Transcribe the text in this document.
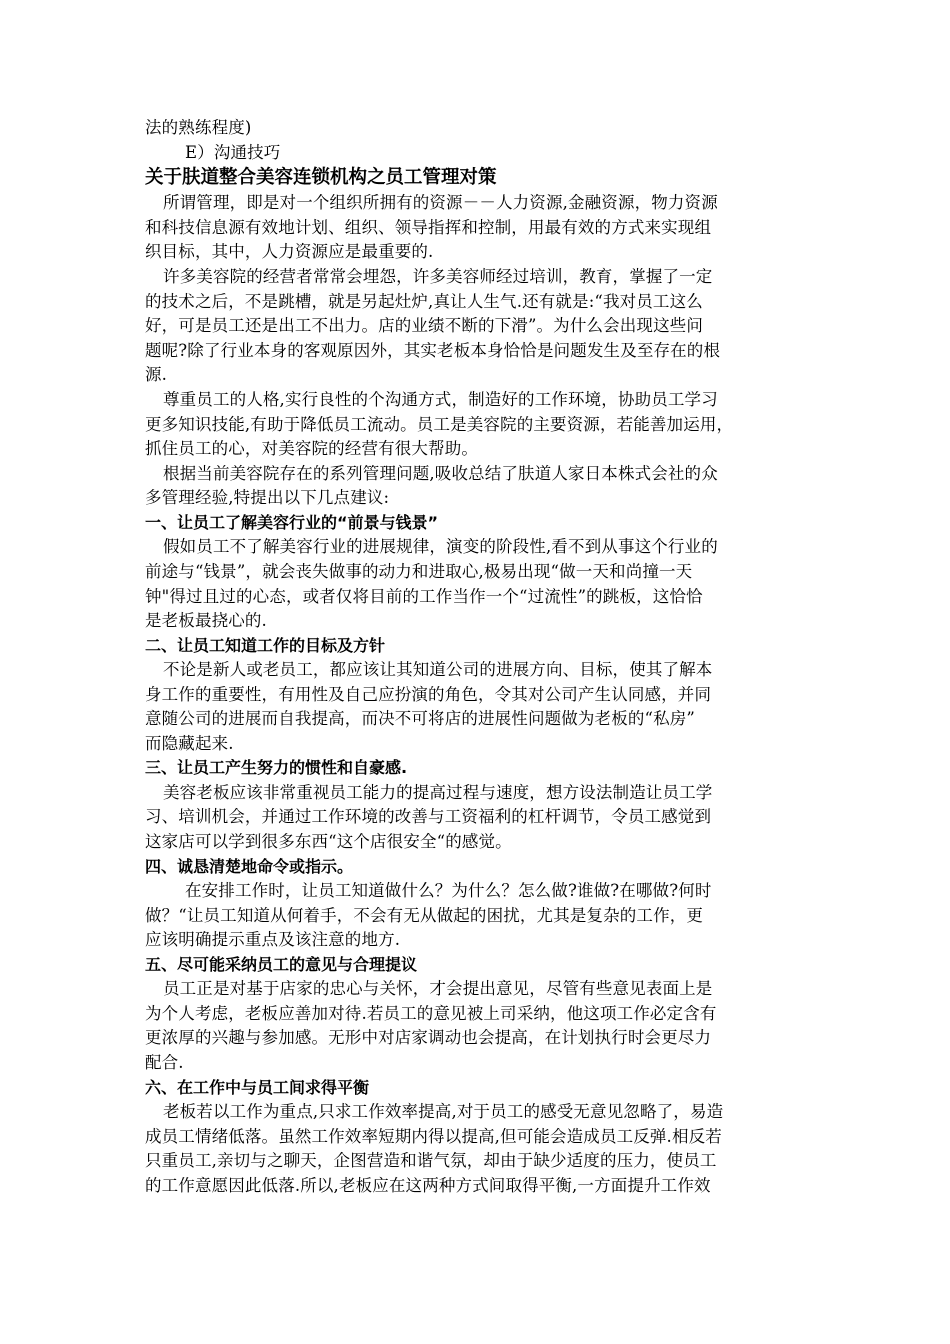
法的熟练程度)
E）沟通技巧
关于肤道整合美容连锁机构之员工管理对策
所谓管理，即是对一个组织所拥有的资源－－人力资源,金融资源，物力资源
和科技信息源有效地计划、组织、领导指挥和控制，用最有效的方式来实现组
织目标，其中，人力资源应是最重要的.
许多美容院的经营者常常会埋怨，许多美容师经过培训，教育，掌握了一定
的技术之后，不是跳槽，就是另起灶炉,真让人生气.还有就是:“我对员工这么
好，可是员工还是出工不出力。店的业绩不断的下滑”。为什么会出现这些问
题呢?除了行业本身的客观原因外，其实老板本身恰恰是问题发生及至存在的根
源.
尊重员工的人格,实行良性的个沟通方式，制造好的工作环境，协助员工学习
更多知识技能,有助于降低员工流动。员工是美容院的主要资源，若能善加运用，
抓住员工的心，对美容院的经营有很大帮助。
根据当前美容院存在的系列管理问题,吸收总结了肤道人家日本株式会社的众
多管理经验,特提出以下几点建议:
一、让员工了解美容行业的“前景与钱景”
假如员工不了解美容行业的进展规律，演变的阶段性,看不到从事这个行业的
前途与“钱景”，就会丧失做事的动力和进取心,极易出现“做一天和尚撞一天
钟"得过且过的心态，或者仅将目前的工作当作一个“过流性”的跳板，这恰恰
是老板最挠心的.
二、让员工知道工作的目标及方针
不论是新人或老员工，都应该让其知道公司的进展方向、目标，使其了解本
身工作的重要性，有用性及自己应扮演的角色，令其对公司产生认同感，并同
意随公司的进展而自我提高，而决不可将店的进展性问题做为老板的“私房”
而隐藏起来.
三、让员工产生努力的惯性和自豪感.
美容老板应该非常重视员工能力的提高过程与速度，想方设法制造让员工学
习、培训机会，并通过工作环境的改善与工资福利的杠杆调节，令员工感觉到
这家店可以学到很多东西“这个店很安全“的感觉。
四、诚恳清楚地命令或指示。
在安排工作时，让员工知道做什么？为什么？怎么做?谁做?在哪做?何时
做？“让员工知道从何着手，不会有无从做起的困扰，尤其是复杂的工作，更
应该明确提示重点及该注意的地方.
五、尽可能采纳员工的意见与合理提议
员工正是对基于店家的忠心与关怀，才会提出意见，尽管有些意见表面上是
为个人考虑，老板应善加对待.若员工的意见被上司采纳，他这项工作必定含有
更浓厚的兴趣与参加感。无形中对店家调动也会提高，在计划执行时会更尽力
配合.
六、在工作中与员工间求得平衡
老板若以工作为重点,只求工作效率提高,对于员工的感受无意见忽略了，易造
成员工情绪低落。虽然工作效率短期内得以提高,但可能会造成员工反弹.相反若
只重员工,亲切与之聊天，企图营造和谐气氛，却由于缺少适度的压力，使员工
的工作意愿因此低落.所以,老板应在这两种方式间取得平衡,一方面提升工作效
